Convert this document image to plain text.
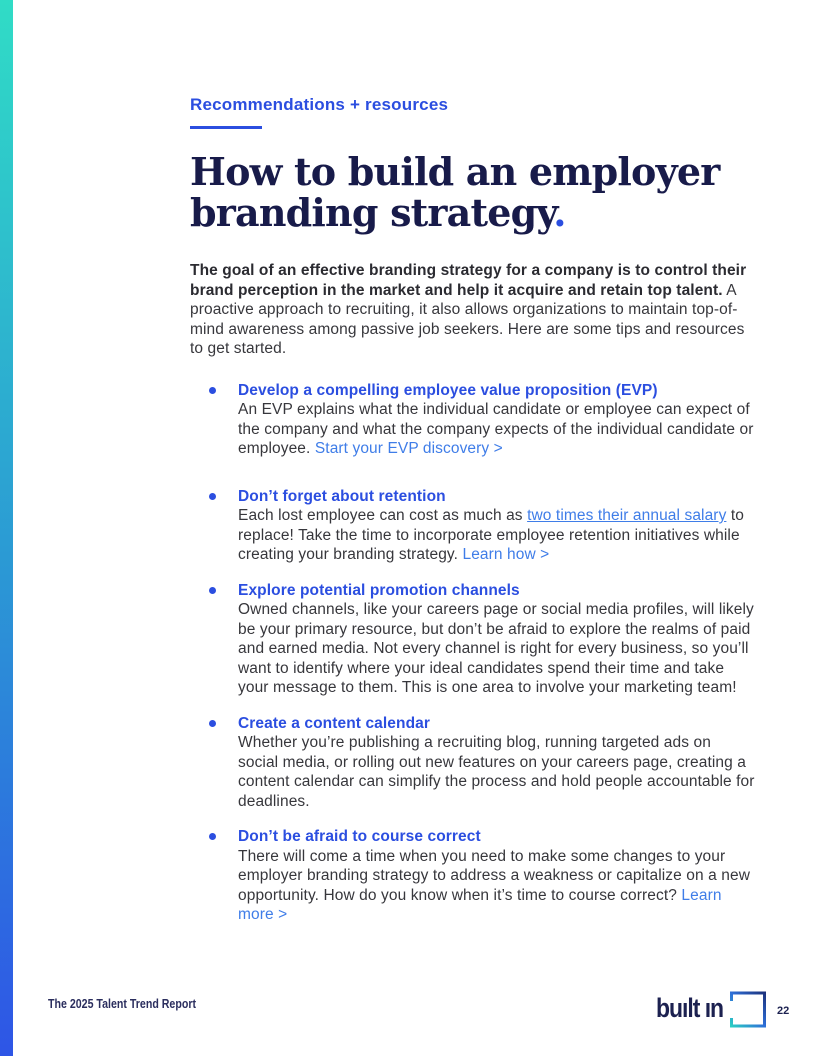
Recommendations + resources
How to build an employer
branding strategy.

The goal of an effective branding strategy for a company is to control their brand perception in the market and help it acquire and retain top talent. A proactive approach to recruiting, it also allows organizations to maintain top-of-mind awareness among passive job seekers. Here are some tips and resources to get started.

Develop a compelling employee value proposition (EVP)
An EVP explains what the individual candidate or employee can expect of the company and what the company expects of the individual candidate or employee. Start your EVP discovery >
Don’t forget about retention
Each lost employee can cost as much as two times their annual salary to replace! Take the time to incorporate employee retention initiatives while creating your branding strategy. Learn how >
Explore potential promotion channels
Owned channels, like your careers page or social media profiles, will likely be your primary resource, but don’t be afraid to explore the realms of paid and earned media. Not every channel is right for every business, so you’ll want to identify where your ideal candidates spend their time and take your message to them. This is one area to involve your marketing team!
Create a content calendar
Whether you’re publishing a recruiting blog, running targeted ads on social media, or rolling out new features on your careers page, creating a content calendar can simplify the process and hold people accountable for deadlines.
Don’t be afraid to course correct
There will come a time when you need to make some changes to your employer branding strategy to address a weakness or capitalize on a new opportunity. How do you know when it’s time to course correct? Learn more >
The 2025 Talent Trend Report	buılt ın	22
